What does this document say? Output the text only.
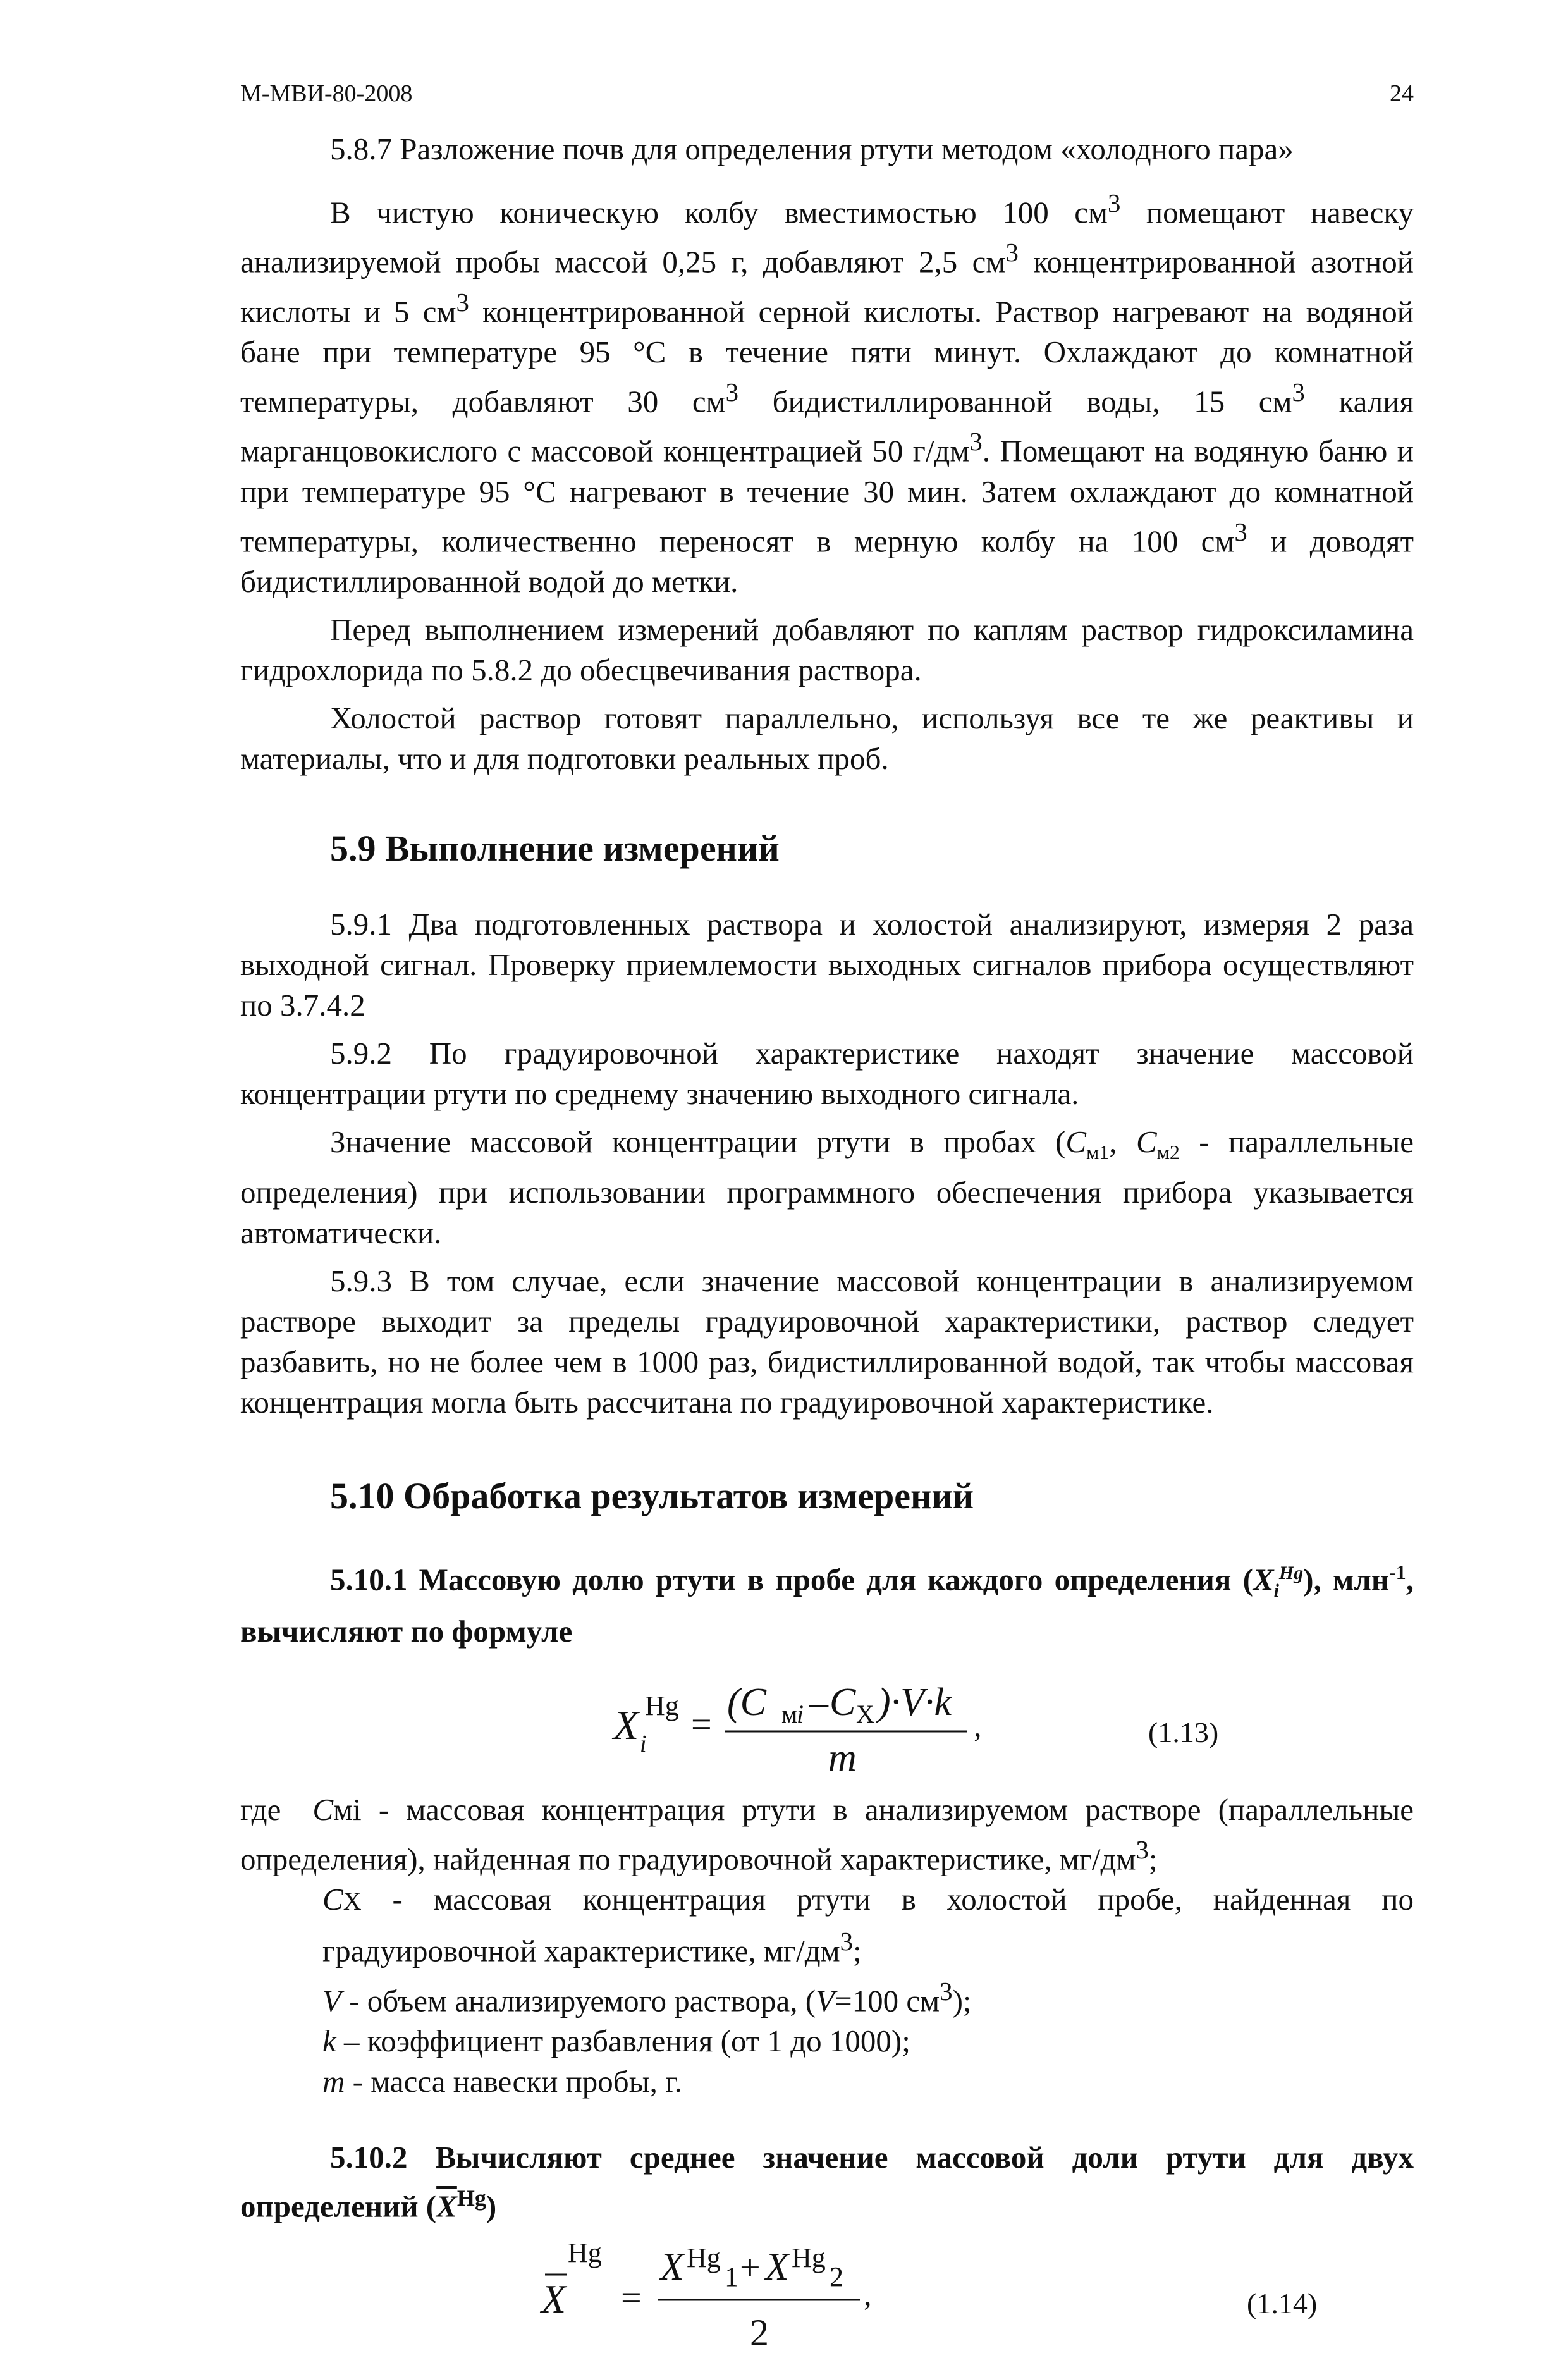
М-МВИ-80-2008	24

5.8.7 Разложение почв для определения ртути методом «холодного пара»

В чистую коническую колбу вместимостью 100 $см^3$ помещают навеску анализируемой пробы массой 0,25 г, добавляют 2,5 $см^3$ концентрированной азотной кислоты и 5 $см^3$ концентрированной серной кислоты. Раствор нагревают на водяной бане при температуре 95 °С в течение пяти минут. Охлаждают до комнатной температуры, добавляют 30 $см^3$ бидистиллированной воды, 15 $см^3$ калия марганцовокислого с массовой концентрацией 50 $г/дм^3$. Помещают на водяную баню и при температуре 95 °С нагревают в течение 30 мин. Затем охлаждают до комнатной температуры, количественно переносят в мерную колбу на 100 $см^3$ и доводят бидистиллированной водой до метки.

Перед выполнением измерений добавляют по каплям раствор гидроксиламина гидрохлорида по 5.8.2 до обесцвечивания раствора.

Холостой раствор готовят параллельно, используя все те же реактивы и материалы, что и для подготовки реальных проб.

5.9 Выполнение измерений

5.9.1 Два подготовленных раствора и холостой анализируют, измеряя 2 раза выходной сигнал. Проверку приемлемости выходных сигналов прибора осуществляют по 3.7.4.2

5.9.2 По градуировочной характеристике находят значение массовой концентрации ртути по среднему значению выходного сигнала.

Значение массовой концентрации ртути в пробах ($С_{м1}$, $С_{м2}$ - параллельные определения) при использовании программного обеспечения прибора указывается автоматически.

5.9.3 В том случае, если значение массовой концентрации в анализируемом растворе выходит за пределы градуировочной характеристики, раствор следует разбавить, но не более чем в 1000 раз, бидистиллированной водой, так чтобы массовая концентрация могла быть рассчитана по градуировочной характеристике.

5.10 Обработка результатов измерений

5.10.1 Массовую долю ртути в пробе для каждого определения $(X_i^{Hg})$, млн$^{-1}$, вычисляют по формуле

X i
Hg =
(C м
i – C X )·V·k
m
,	(1.13)

где Смi - массовая концентрация ртути в анализируемом растворе (параллельные определения), найденная по градуировочной характеристике, $мг/дм^3$;

СX - массовая концентрация ртути в холостой пробе, найденная по градуировочной характеристике, $мг/дм^3$;

V - объем анализируемого раствора, (V=100 $см^3$);

k – коэффициент разбавления (от 1 до 1000);

m - масса навески пробы, г.

5.10.2 Вычисляют среднее значение массовой доли ртути для двух определений $(\overline{X}^{Hg})$

X
Hg
=
X Hg
1 + X Hg
2
2
,	(1.14)
